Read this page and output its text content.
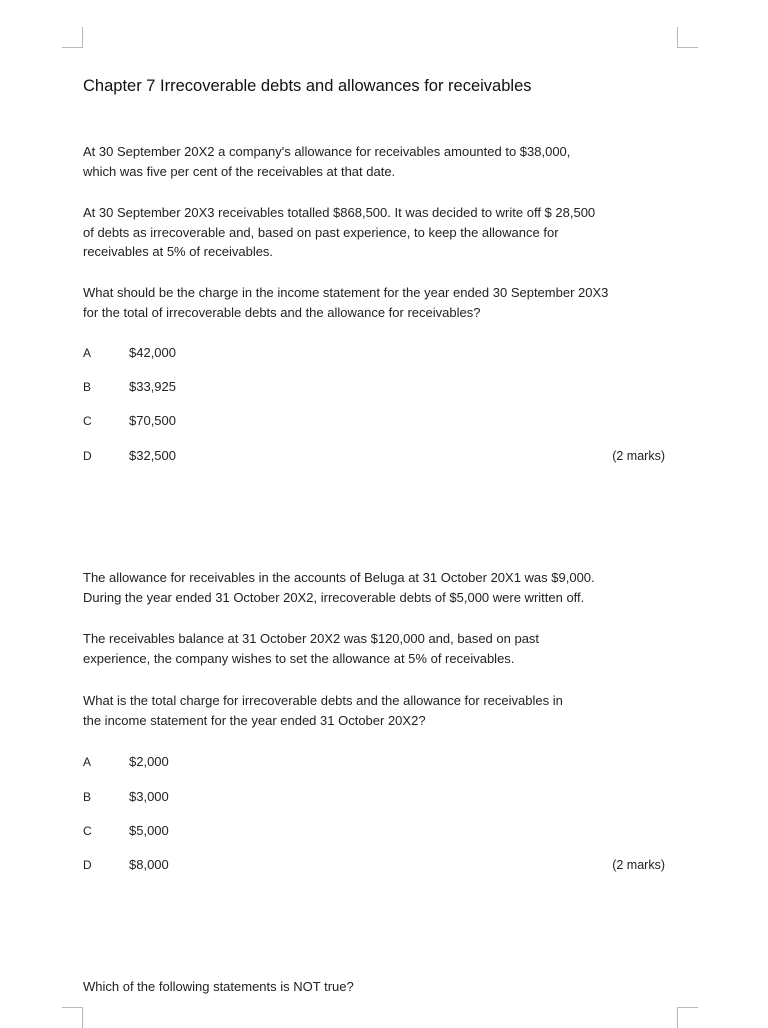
Chapter 7 Irrecoverable debts and allowances for receivables

At 30 September 20X2 a company's allowance for receivables amounted to $38,000,
which was five per cent of the receivables at that date.

At 30 September 20X3 receivables totalled $868,500. It was decided to write off $ 28,500
of debts as irrecoverable and, based on past experience, to keep the allowance for
receivables at 5% of receivables.

What should be the charge in the income statement for the year ended 30 September 20X3
for the total of irrecoverable debts and the allowance for receivables?

A	$42,000
B	$33,925
C	$70,500
D	$32,500	(2 marks)

The allowance for receivables in the accounts of Beluga at 31 October 20X1 was $9,000.
During the year ended 31 October 20X2, irrecoverable debts of $5,000 were written off.

The receivables balance at 31 October 20X2 was $120,000 and, based on past
experience, the company wishes to set the allowance at 5% of receivables.

What is the total charge for irrecoverable debts and the allowance for receivables in
the income statement for the year ended 31 October 20X2?

A	$2,000
B	$3,000
C	$5,000
D	$8,000	(2 marks)

Which of the following statements is NOT true?
